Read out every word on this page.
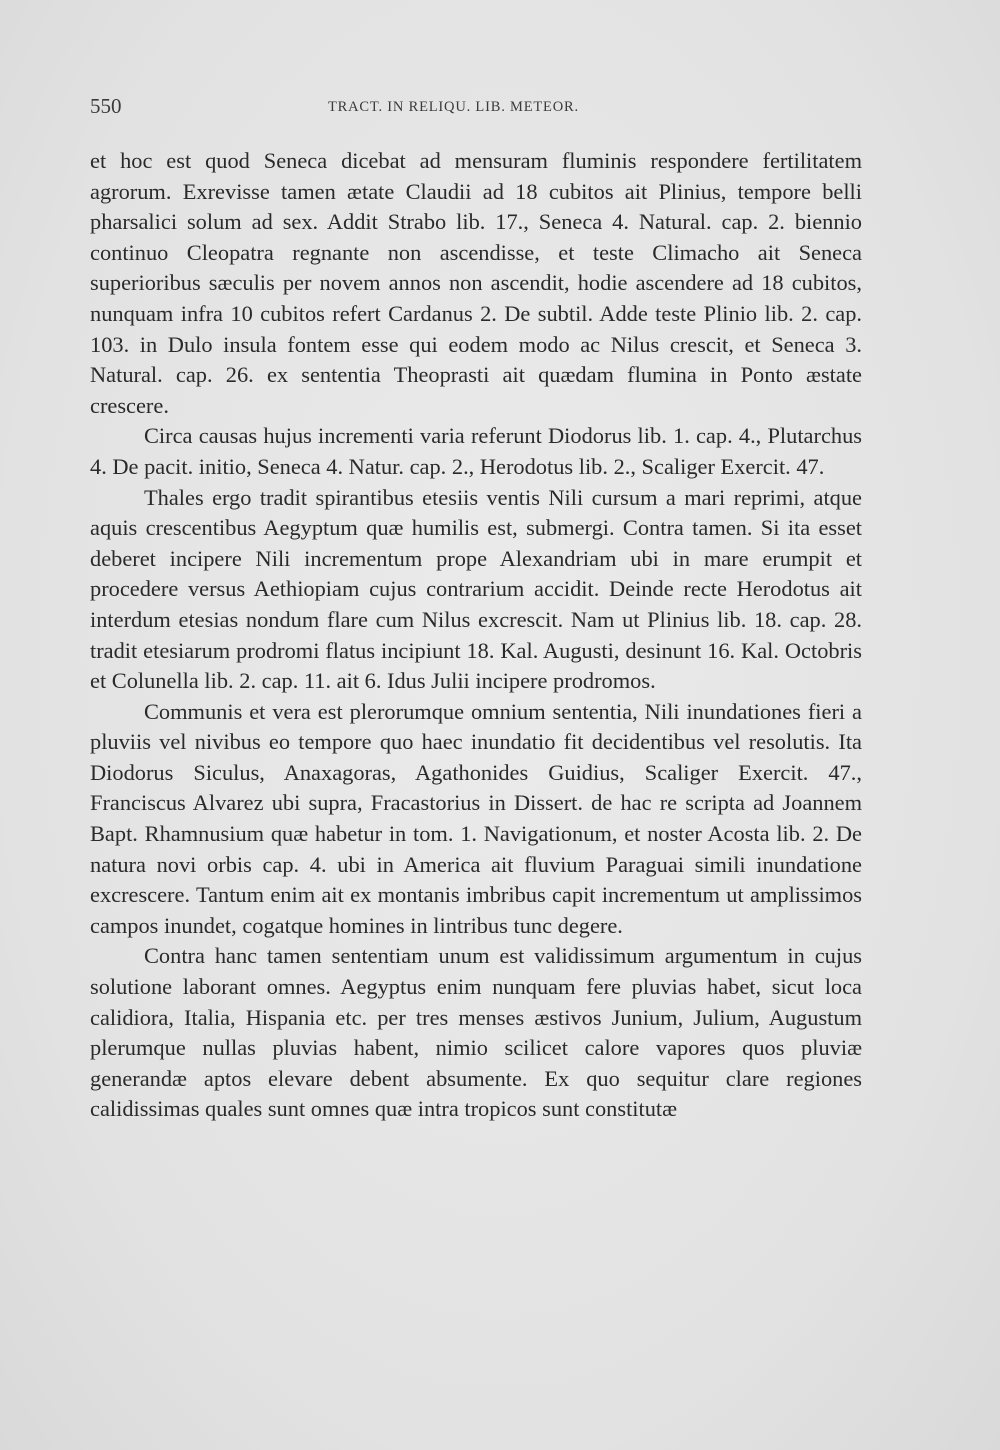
550	TRACT. IN RELIQU. LIB. METEOR.

et hoc est quod Seneca dicebat ad mensuram fluminis respondere fertilitatem agrorum. Exrevisse tamen ætate Claudii ad 18 cubitos ait Plinius, tempore belli pharsalici solum ad sex. Addit Strabo lib. 17., Seneca 4. Natural. cap. 2. biennio continuo Cleopatra regnante non ascendisse, et teste Climacho ait Seneca superioribus sæculis per novem annos non ascendit, hodie ascendere ad 18 cubitos, nunquam infra 10 cubitos refert Cardanus 2. De subtil. Adde teste Plinio lib. 2. cap. 103. in Dulo insula fontem esse qui eodem modo ac Nilus crescit, et Seneca 3. Natural. cap. 26. ex sententia Theoprasti ait quædam flumina in Ponto æstate crescere.

Circa causas hujus incrementi varia referunt Diodorus lib. 1. cap. 4., Plutarchus 4. De pacit. initio, Seneca 4. Natur. cap. 2., Herodotus lib. 2., Scaliger Exercit. 47.

Thales ergo tradit spirantibus etesiis ventis Nili cursum a mari reprimi, atque aquis crescentibus Aegyptum quæ humilis est, submergi. Contra tamen. Si ita esset deberet incipere Nili incrementum prope Alexandriam ubi in mare erumpit et procedere versus Aethiopiam cujus contrarium accidit. Deinde recte Herodotus ait interdum etesias nondum flare cum Nilus excrescit. Nam ut Plinius lib. 18. cap. 28. tradit etesiarum prodromi flatus incipiunt 18. Kal. Augusti, desinunt 16. Kal. Octobris et Colunella lib. 2. cap. 11. ait 6. Idus Julii incipere prodromos.

Communis et vera est plerorumque omnium sententia, Nili inundationes fieri a pluviis vel nivibus eo tempore quo haec inundatio fit decidentibus vel resolutis. Ita Diodorus Siculus, Anaxagoras, Agathonides Guidius, Scaliger Exercit. 47., Franciscus Alvarez ubi supra, Fracastorius in Dissert. de hac re scripta ad Joannem Bapt. Rhamnusium quæ habetur in tom. 1. Navigationum, et noster Acosta lib. 2. De natura novi orbis cap. 4. ubi in America ait fluvium Paraguai simili inundatione excrescere. Tantum enim ait ex montanis imbribus capit incrementum ut amplissimos campos inundet, cogatque homines in lintribus tunc degere.

Contra hanc tamen sententiam unum est validissimum argumentum in cujus solutione laborant omnes. Aegyptus enim nunquam fere pluvias habet, sicut loca calidiora, Italia, Hispania etc. per tres menses æstivos Junium, Julium, Augustum plerumque nullas pluvias habent, nimio scilicet calore vapores quos pluviæ generandæ aptos elevare debent absumente. Ex quo sequitur clare regiones calidissimas quales sunt omnes quæ intra tropicos sunt constitutæ
